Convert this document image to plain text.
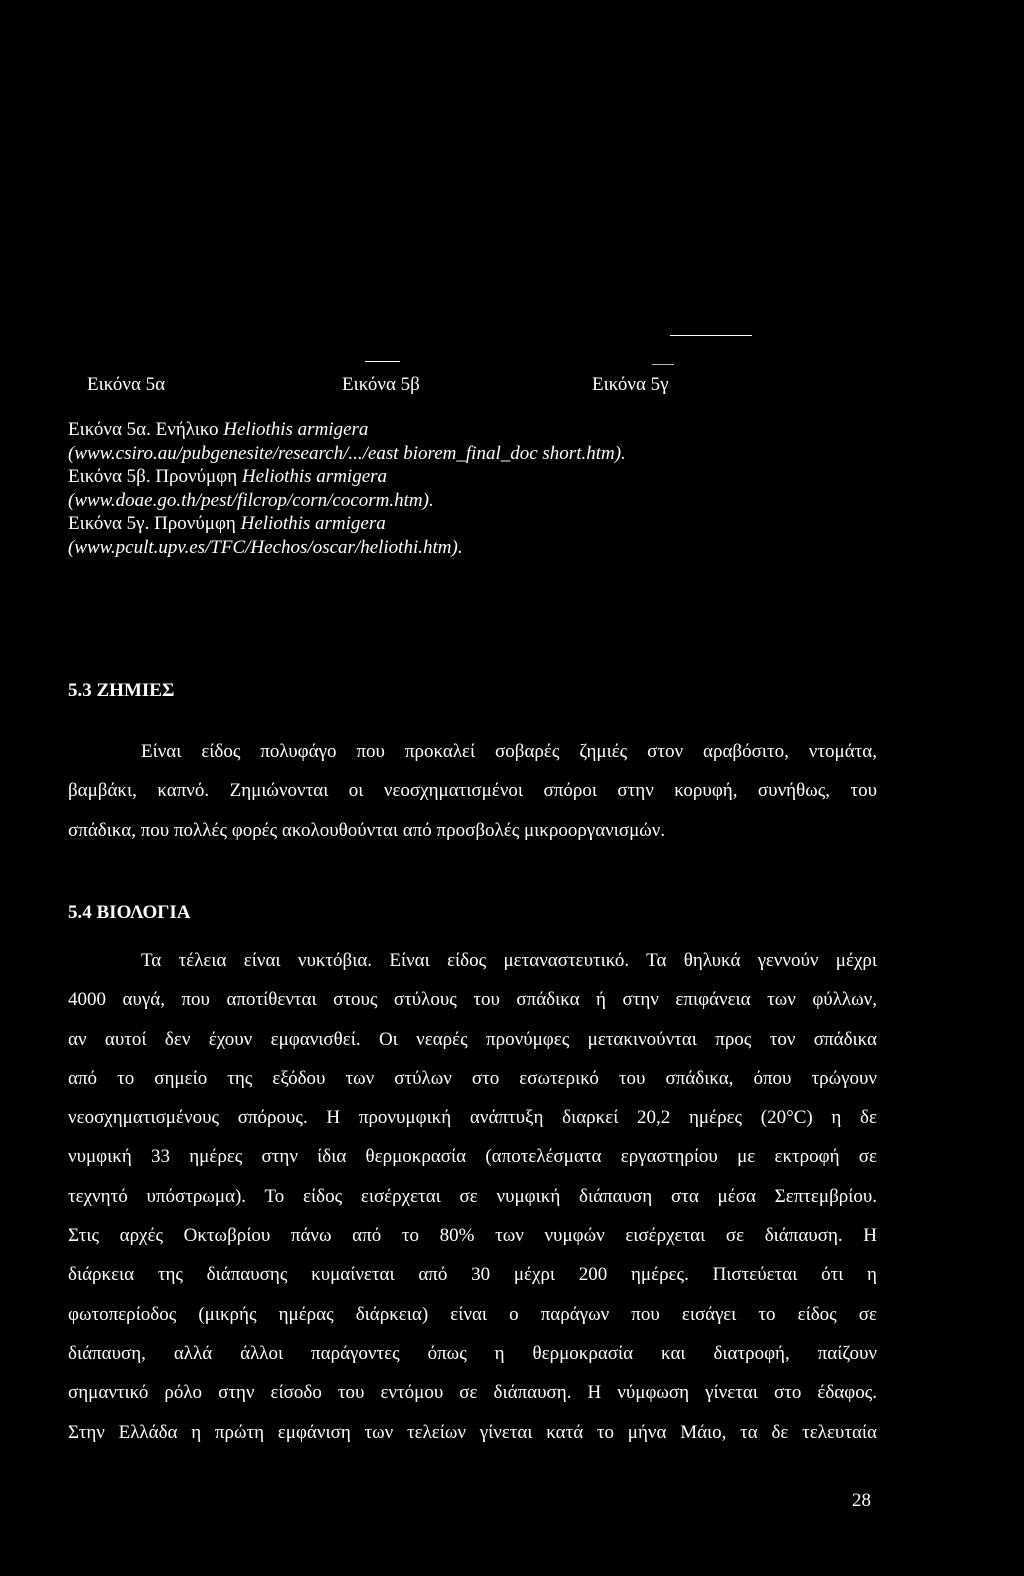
Εικόνα 5α	Εικόνα 5β	Εικόνα 5γ
Εικόνα 5α. Ενήλικο Heliothis armigera
(www.csiro.au/pubgenesite/research/.../east biorem_final_doc short.htm).
Εικόνα 5β. Προνύμφη Heliothis armigera
(www.doae.go.th/pest/filcrop/corn/cocorm.htm).
Εικόνα 5γ. Προνύμφη Heliothis armigera
(www.pcult.upv.es/TFC/Hechos/oscar/heliothi.htm).
5.3 ΖΗΜΙΕΣ
Είναι είδος πολυφάγο που προκαλεί σοβαρές ζημιές στον αραβόσιτο, ντομάτα,
βαμβάκι, καπνό. Ζημιώνονται οι νεοσχηματισμένοι σπόροι στην κορυφή, συνήθως, του
σπάδικα, που πολλές φορές ακολουθούνται από προσβολές μικροοργανισμών.
5.4 ΒΙΟΛΟΓΙΑ
Τα τέλεια είναι νυκτόβια. Είναι είδος μεταναστευτικό. Τα θηλυκά γεννούν μέχρι
4000 αυγά, που αποτίθενται στους στύλους του σπάδικα ή στην επιφάνεια των φύλλων,
αν αυτοί δεν έχουν εμφανισθεί. Οι νεαρές προνύμφες μετακινούνται προς τον σπάδικα
από το σημείο της εξόδου των στύλων στο εσωτερικό του σπάδικα, όπου τρώγουν
νεοσχηματισμένους σπόρους. Η προνυμφική ανάπτυξη διαρκεί 20,2 ημέρες (20°C) η δε
νυμφική 33 ημέρες στην ίδια θερμοκρασία (αποτελέσματα εργαστηρίου με εκτροφή σε
τεχνητό υπόστρωμα). Το είδος εισέρχεται σε νυμφική διάπαυση στα μέσα Σεπτεμβρίου.
Στις αρχές Οκτωβρίου πάνω από το 80% των νυμφών εισέρχεται σε διάπαυση. Η
διάρκεια της διάπαυσης κυμαίνεται από 30 μέχρι 200 ημέρες. Πιστεύεται ότι η
φωτοπερίοδος (μικρής ημέρας διάρκεια) είναι ο παράγων που εισάγει το είδος σε
διάπαυση, αλλά άλλοι παράγοντες όπως η θερμοκρασία και διατροφή, παίζουν
σημαντικό ρόλο στην είσοδο του εντόμου σε διάπαυση. Η νύμφωση γίνεται στο έδαφος.
Στην Ελλάδα η πρώτη εμφάνιση των τελείων γίνεται κατά το μήνα Μάιο, τα δε τελευταία
28
